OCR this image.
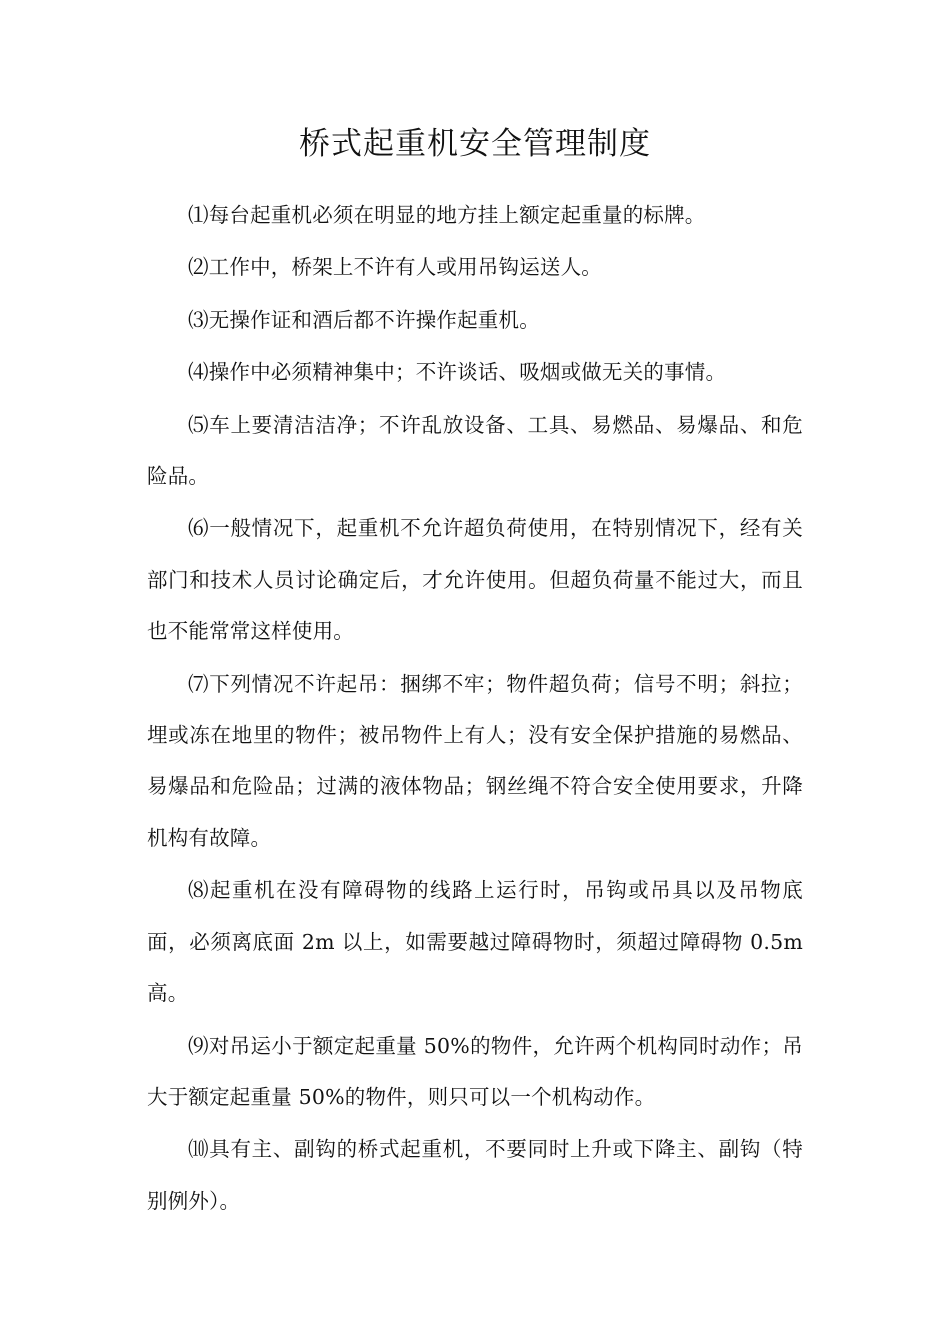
桥式起重机安全管理制度

⑴每台起重机必须在明显的地方挂上额定起重量的标牌。

⑵工作中，桥架上不许有人或用吊钩运送人。

⑶无操作证和酒后都不许操作起重机。

⑷操作中必须精神集中；不许谈话、吸烟或做无关的事情。

⑸车上要清洁洁净；不许乱放设备、工具、易燃品、易爆品、和危险品。

⑹一般情况下，起重机不允许超负荷使用，在特别情况下，经有关部门和技术人员讨论确定后，才允许使用。但超负荷量不能过大，而且也不能常常这样使用。

⑺下列情况不许起吊：捆绑不牢；物件超负荷；信号不明；斜拉；埋或冻在地里的物件；被吊物件上有人；没有安全保护措施的易燃品、易爆品和危险品；过满的液体物品；钢丝绳不符合安全使用要求，升降机构有故障。

⑻起重机在没有障碍物的线路上运行时，吊钩或吊具以及吊物底面，必须离底面 2m 以上，如需要越过障碍物时，须超过障碍物 0.5m 高。

⑼对吊运小于额定起重量 50%的物件，允许两个机构同时动作；吊大于额定起重量 50%的物件，则只可以一个机构动作。

⑽具有主、副钩的桥式起重机，不要同时上升或下降主、副钩（特别例外）。
